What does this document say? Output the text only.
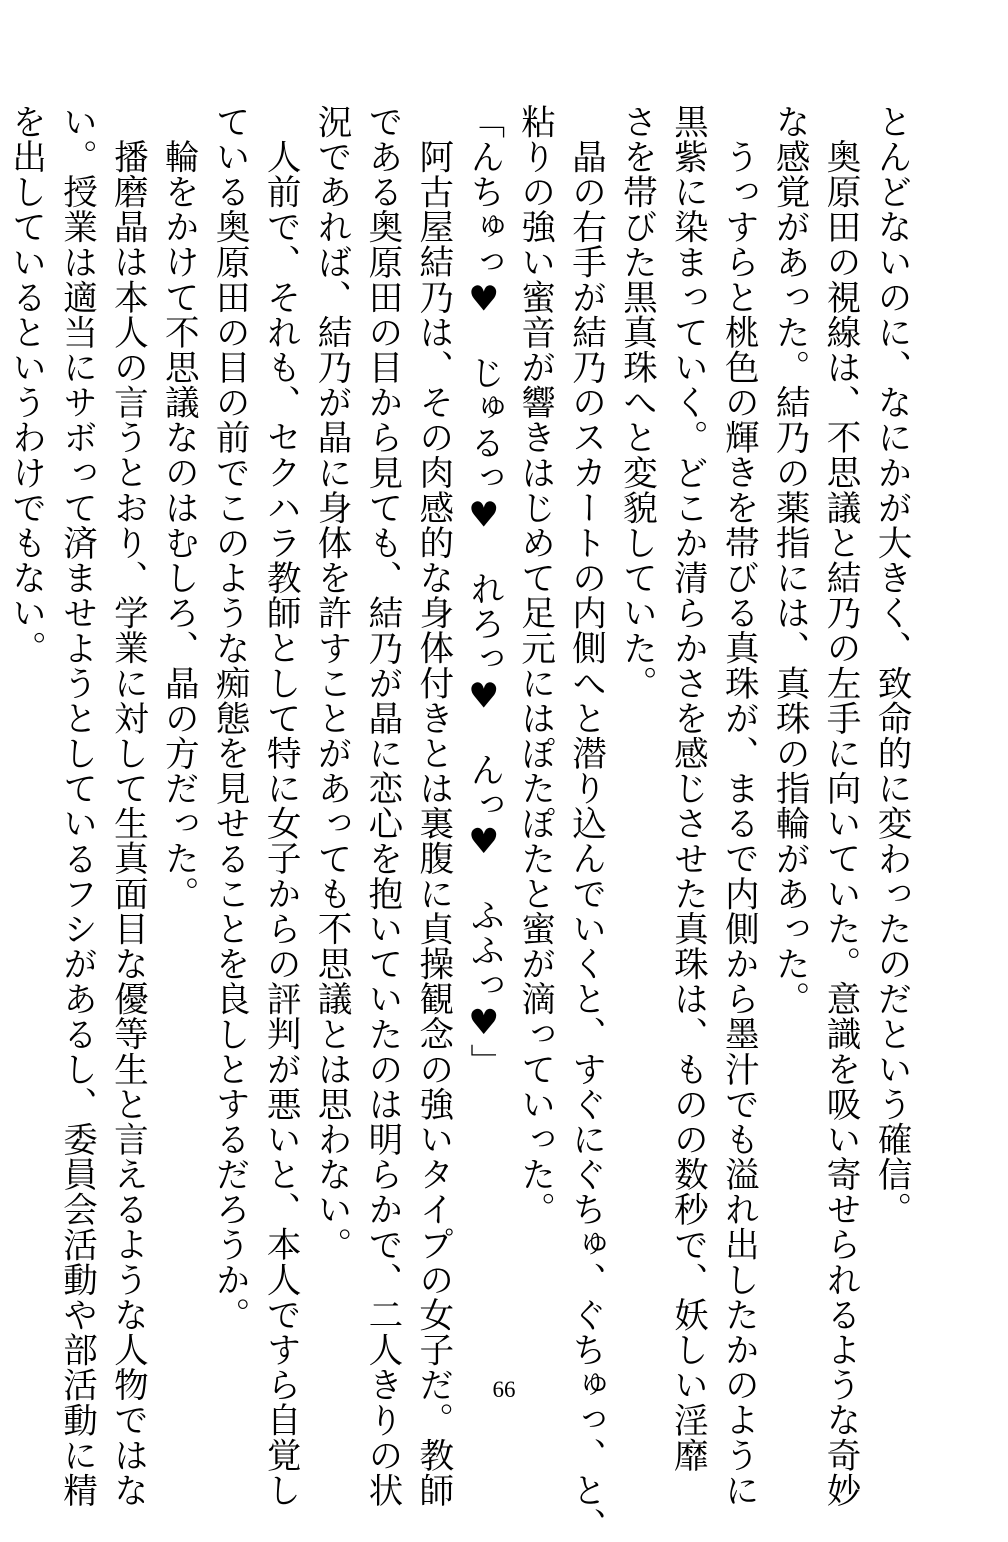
とんどないのに、なにかが大きく、致命的に変わったのだという確信。
奥原田の視線は、不思議と結乃の左手に向いていた。意識を吸い寄せられるような奇妙
な感覚があった。結乃の薬指には、真珠の指輪があった。
うっすらと桃色の輝きを帯びる真珠が、まるで内側から墨汁でも溢れ出したかのように
黒紫に染まっていく。どこか清らかさを感じさせた真珠は、ものの数秒で、妖しい淫靡
さを帯びた黒真珠へと変貌していた。
晶の右手が結乃のスカートの内側へと潜り込んでいくと、すぐにぐちゅ、ぐちゅっ、と、
粘りの強い蜜音が響きはじめて足元にはぽたぽたと蜜が滴っていった。
「んちゅっ♥　じゅるっ♥　れろっ♥　んっ♥　ふふっ♥」
阿古屋結乃は、その肉感的な身体付きとは裏腹に貞操観念の強いタイプの女子だ。教師
である奥原田の目から見ても、結乃が晶に恋心を抱いていたのは明らかで、二人きりの状
況であれば、結乃が晶に身体を許すことがあっても不思議とは思わない。
人前で、それも、セクハラ教師として特に女子からの評判が悪いと、本人ですら自覚し
ている奥原田の目の前でこのような痴態を見せることを良しとするだろうか。
輪をかけて不思議なのはむしろ、晶の方だった。
播磨晶は本人の言うとおり、学業に対して生真面目な優等生と言えるような人物ではな
い。授業は適当にサボって済ませようとしているフシがあるし、委員会活動や部活動に精
を出しているというわけでもない。
66
